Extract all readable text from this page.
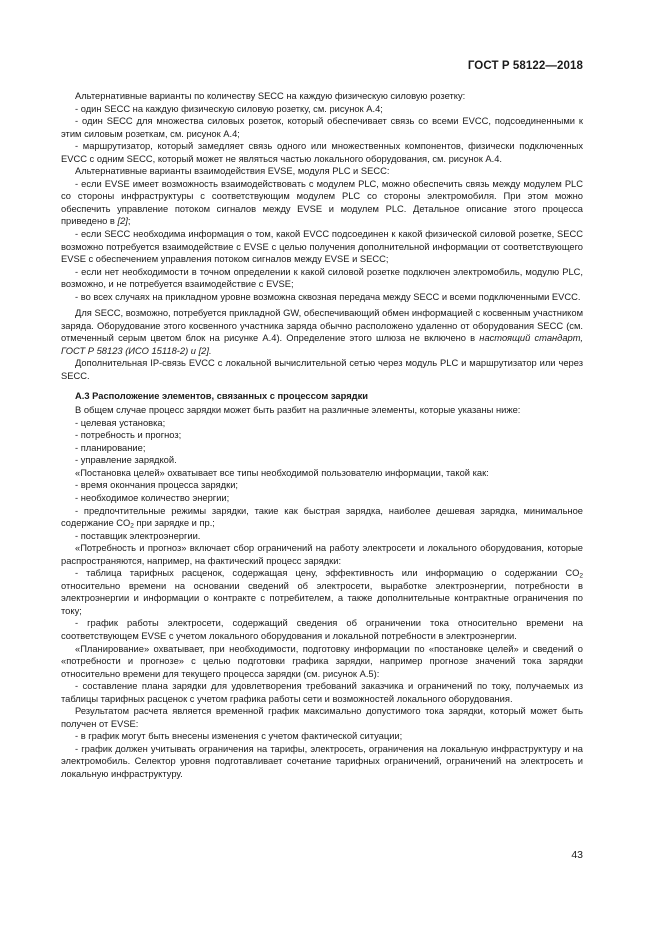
ГОСТ Р 58122—2018

Альтернативные варианты по количеству SECC на каждую физическую силовую розетку:

- один SECC на каждую физическую силовую розетку, см. рисунок А.4;

- один SECC для множества силовых розеток, который обеспечивает связь со всеми EVCC, подсоединенными к этим силовым розеткам, см. рисунок А.4;

- маршрутизатор, который замедляет связь одного или множественных компонентов, физически подключенных EVCC с одним SECC, который может не являться частью локального оборудования, см. рисунок А.4.

Альтернативные варианты взаимодействия EVSE, модуля PLC и SECC:

- если EVSE имеет возможность взаимодействовать с модулем PLC, можно обеспечить связь между модулем PLC со стороны инфраструктуры с соответствующим модулем PLC со стороны электромобиля. При этом можно обеспечить управление потоком сигналов между EVSE и модулем PLC. Детальное описание этого процесса приведено в [2];

- если SECC необходима информация о том, какой EVCC подсоединен к какой физической силовой розетке, SECC возможно потребуется взаимодействие с EVSE с целью получения дополнительной информации от соответствующего EVSE с обеспечением управления потоком сигналов между EVSE и SECC;

- если нет необходимости в точном определении к какой силовой розетке подключен электромобиль, модулю PLC, возможно, и не потребуется взаимодействие с EVSE;

- во всех случаях на прикладном уровне возможна сквозная передача между SECC и всеми подключенными EVCC.

Для SECC, возможно, потребуется прикладной GW, обеспечивающий обмен информацией с косвенным участником заряда. Оборудование этого косвенного участника заряда обычно расположено удаленно от оборудования SECC (см. отмеченный серым цветом блок на рисунке А.4). Определение этого шлюза не включено в настоящий стандарт, ГОСТ Р 58123 (ИСО 15118-2) и [2].

Дополнительная IP-связь EVCC с локальной вычислительной сетью через модуль PLC и маршрутизатор или через SECC.

А.3 Расположение элементов, связанных с процессом зарядки

В общем случае процесс зарядки может быть разбит на различные элементы, которые указаны ниже:

- целевая установка;

- потребность и прогноз;

- планирование;

- управление зарядкой.

«Постановка целей» охватывает все типы необходимой пользователю информации, такой как:

- время окончания процесса зарядки;

- необходимое количество энергии;

- предпочтительные режимы зарядки, такие как быстрая зарядка, наиболее дешевая зарядка, минимальное содержание $CO_2$ при зарядке и пр.;

- поставщик электроэнергии.

«Потребность и прогноз» включает сбор ограничений на работу электросети и локального оборудования, которые распространяются, например, на фактический процесс зарядки:

- таблица тарифных расценок, содержащая цену, эффективность или информацию о содержании $CO_2$ относительно времени на основании сведений об электросети, выработке электроэнергии, потребности в электроэнергии и информации о контракте с потребителем, а также дополнительные контрактные ограничения по току;

- график работы электросети, содержащий сведения об ограничении тока относительно времени на соответствующем EVSE с учетом локального оборудования и локальной потребности в электроэнергии.

«Планирование» охватывает, при необходимости, подготовку информации по «постановке целей» и сведений о «потребности и прогнозе» с целью подготовки графика зарядки, например прогнозе значений тока зарядки относительно времени для текущего процесса зарядки (см. рисунок А.5):

- составление плана зарядки для удовлетворения требований заказчика и ограничений по току, получаемых из таблицы тарифных расценок с учетом графика работы сети и возможностей локального оборудования.

Результатом расчета является временной график максимально допустимого тока зарядки, который может быть получен от EVSE:

- в график могут быть внесены изменения с учетом фактической ситуации;

- график должен учитывать ограничения на тарифы, электросеть, ограничения на локальную инфраструктуру и на электромобиль. Селектор уровня подготавливает сочетание тарифных ограничений, ограничений на электросеть и локальную инфраструктуру.

43
